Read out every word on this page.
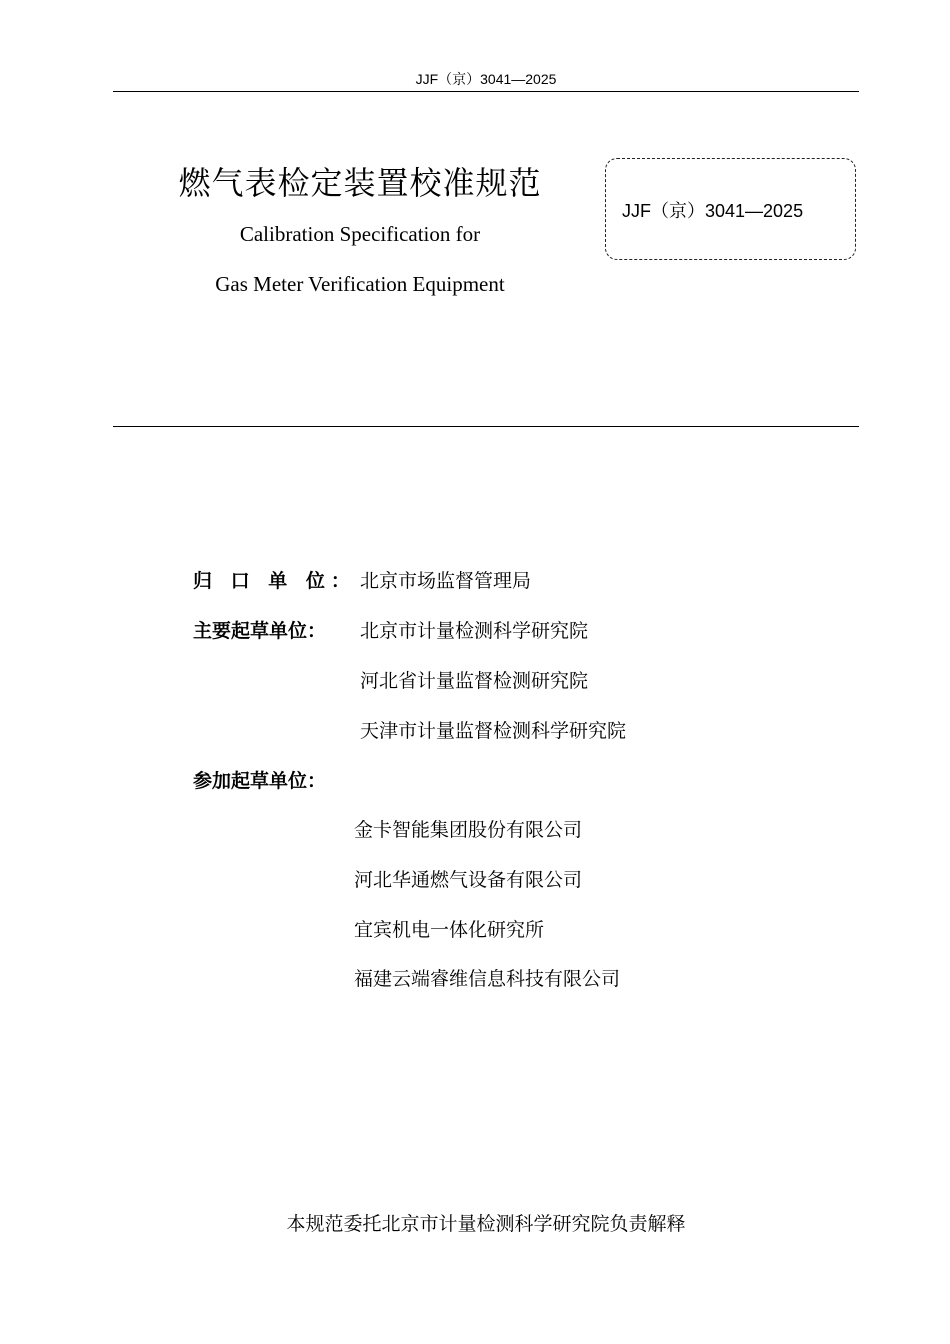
JJF（京）3041—2025
燃气表检定装置校准规范
Calibration Specification for
Gas Meter Verification Equipment
JJF（京）3041—2025
归 口 单 位： 北京市场监督管理局
主要起草单位： 北京市计量检测科学研究院
河北省计量监督检测研究院
天津市计量监督检测科学研究院
参加起草单位：
金卡智能集团股份有限公司
河北华通燃气设备有限公司
宜宾机电一体化研究所
福建云端睿维信息科技有限公司
本规范委托北京市计量检测科学研究院负责解释
